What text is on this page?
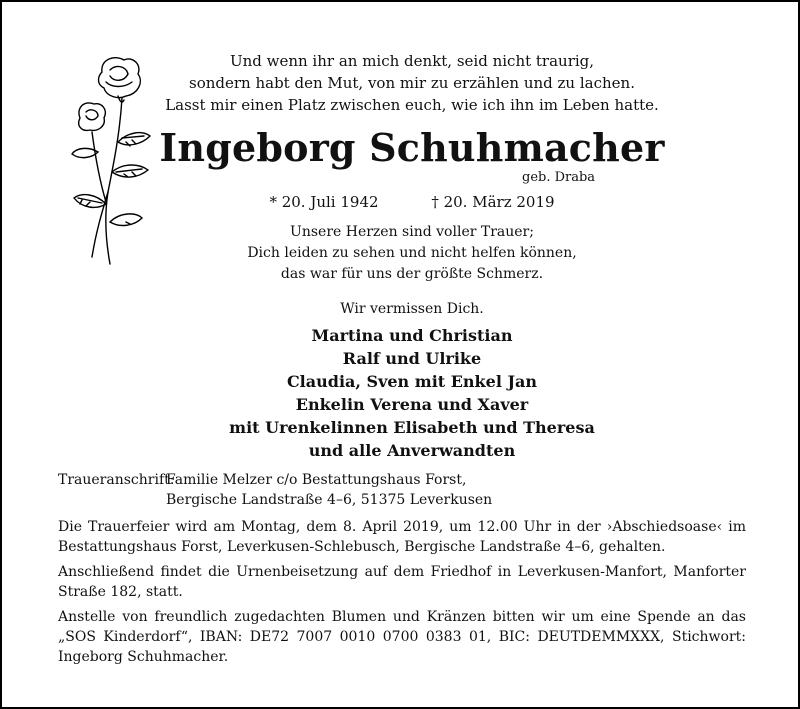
Und wenn ihr an mich denkt, seid nicht traurig,
sondern habt den Mut, von mir zu erzählen und zu lachen.
Lasst mir einen Platz zwischen euch, wie ich ihn im Leben hatte.
Ingeborg Schuhmacher
geb. Draba
* 20. Juli 1942	† 20. März 2019
Unsere Herzen sind voller Trauer;
Dich leiden zu sehen und nicht helfen können,
das war für uns der größte Schmerz.
Wir vermissen Dich.
Martina und Christian
Ralf und Ulrike
Claudia, Sven mit Enkel Jan
Enkelin Verena und Xaver
mit Urenkelinnen Elisabeth und Theresa
und alle Anverwandten
Traueranschrift:
Familie Melzer c/o Bestattungshaus Forst,
Bergische Landstraße 4–6, 51375 Leverkusen
Die Trauerfeier wird am Montag, dem 8. April 2019, um 12.00 Uhr in der ›Abschiedsoase‹ im Bestattungshaus Forst, Leverkusen-Schlebusch, Bergische Landstraße 4–6, gehalten.
Anschließend findet die Urnenbeisetzung auf dem Friedhof in Leverkusen-Manfort, Manforter Straße 182, statt.
Anstelle von freundlich zugedachten Blumen und Kränzen bitten wir um eine Spende an das „SOS Kinderdorf“, IBAN: DE72 7007 0010 0700 0383 01, BIC: DEUTDEMMXXX, Stichwort: Ingeborg Schuhmacher.
